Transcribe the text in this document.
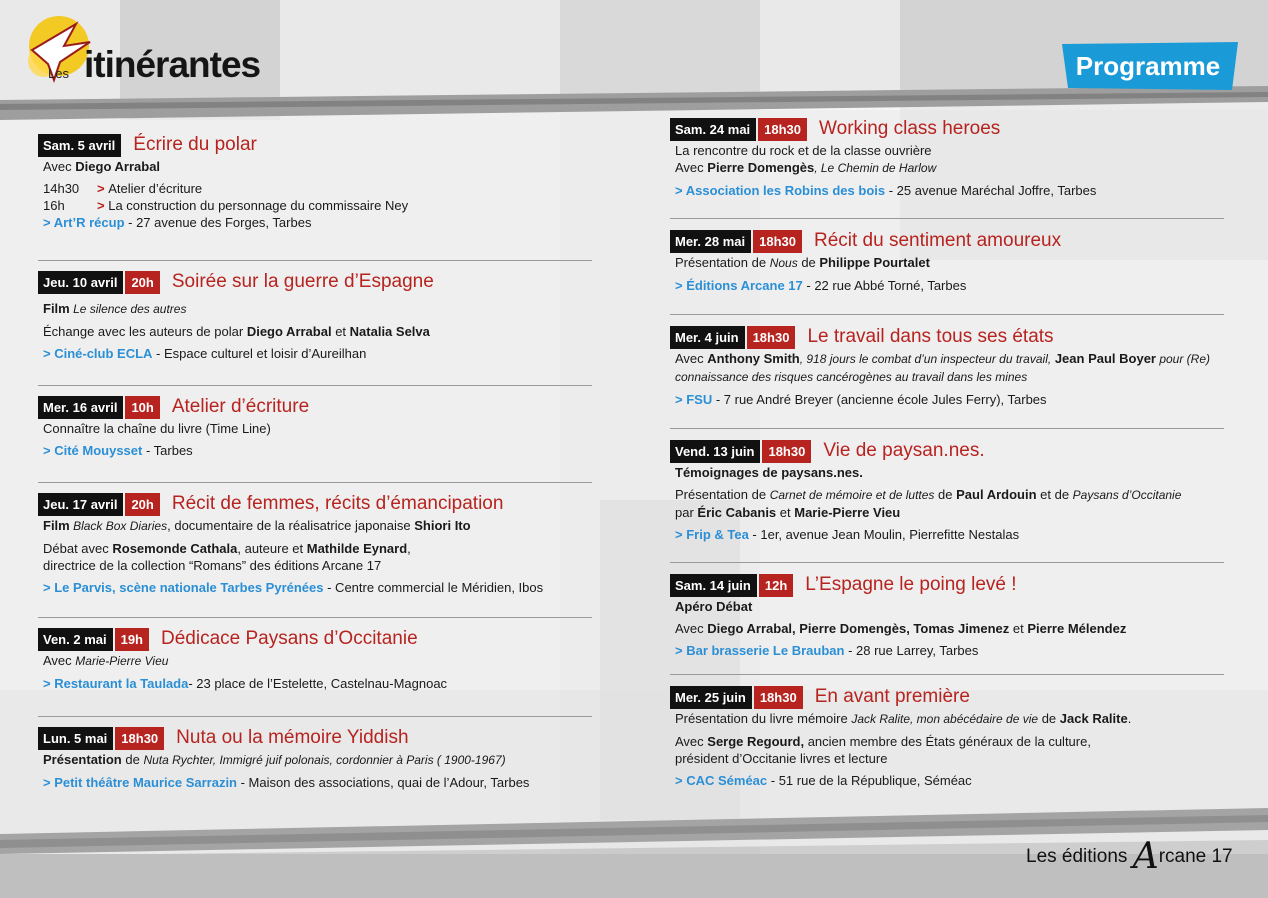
Les itinérantes	Programme
Sam. 5 avril Écrire du polar
Avec Diego Arrabal
14h30	> Atelier d’écriture
16h	> La construction du personnage du commissaire Ney
> Art’R récup - 27 avenue des Forges, Tarbes
Jeu. 10 avril	20h Soirée sur la guerre d’Espagne
Film Le silence des autres
Échange avec les auteurs de polar Diego Arrabal et Natalia Selva
> Ciné-club ECLA - Espace culturel et loisir d’Aureilhan
Mer. 16 avril	10h Atelier d’écriture
Connaître la chaîne du livre (Time Line)
> Cité Mouysset - Tarbes
Jeu. 17 avril	20h Récit de femmes, récits d’émancipation
Film Black Box Diaries, documentaire de la réalisatrice japonaise Shiori Ito
Débat avec Rosemonde Cathala, auteure et Mathilde Eynard,
directrice de la collection “Romans” des éditions Arcane 17
> Le Parvis, scène nationale Tarbes Pyrénées - Centre commercial le Méridien, Ibos
Ven. 2 mai	19h Dédicace Paysans d’Occitanie
Avec Marie-Pierre Vieu
> Restaurant la Taulada- 23 place de l’Estelette, Castelnau-Magnoac
Lun. 5 mai	18h30 Nuta ou la mémoire Yiddish
Présentation de Nuta Rychter, Immigré juif polonais, cordonnier à Paris ( 1900-1967)
> Petit théâtre Maurice Sarrazin - Maison des associations, quai de l’Adour, Tarbes
Sam. 24 mai	18h30 Working class heroes
La rencontre du rock et de la classe ouvrière
Avec Pierre Domengès, Le Chemin de Harlow
> Association les Robins des bois - 25 avenue Maréchal Joffre, Tarbes
Mer. 28 mai	18h30 Récit du sentiment amoureux
Présentation de Nous de Philippe Pourtalet
> Éditions Arcane 17 - 22 rue Abbé Torné, Tarbes
Mer. 4 juin	18h30 Le travail dans tous ses états
Avec Anthony Smith, 918 jours le combat d’un inspecteur du travail, Jean Paul Boyer pour (Re)
connaissance des risques cancérogènes au travail dans les mines
> FSU - 7 rue André Breyer (ancienne école Jules Ferry), Tarbes
Vend. 13 juin	18h30 Vie de paysan.nes.
Témoignages de paysans.nes.
Présentation de Carnet de mémoire et de luttes de Paul Ardouin et de Paysans d’Occitanie
par Éric Cabanis et Marie-Pierre Vieu
> Frip & Tea - 1er, avenue Jean Moulin, Pierrefitte Nestalas
Sam. 14 juin	12h L’Espagne le poing levé !
Apéro Débat
Avec Diego Arrabal, Pierre Domengès, Tomas Jimenez et Pierre Mélendez
> Bar brasserie Le Brauban - 28 rue Larrey, Tarbes
Mer. 25 juin	18h30 En avant première
Présentation du livre mémoire Jack Ralite, mon abécédaire de vie de Jack Ralite.
Avec Serge Regourd, ancien membre des États généraux de la culture,
président d’Occitanie livres et lecture
> CAC Séméac - 51 rue de la République, Séméac
Les éditions Arcane 17
